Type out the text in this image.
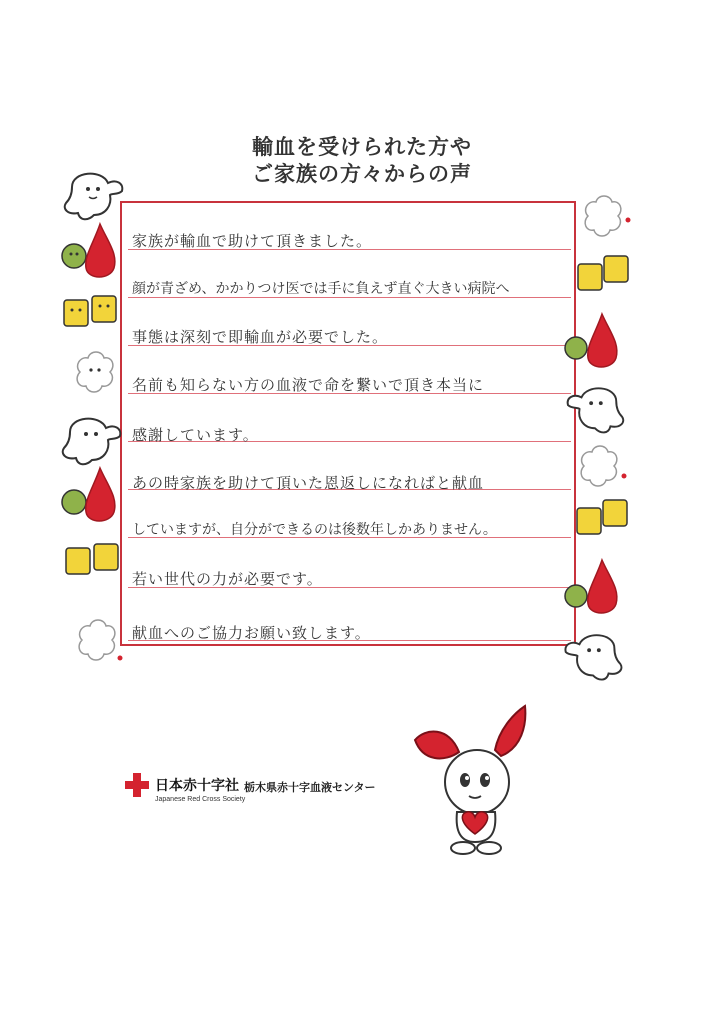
輸血を受けられた方や
ご家族の方々からの声
家族が輸血で助けて頂きました。
顔が青ざめ、かかりつけ医では手に負えず直ぐ大きい病院へ
事態は深刻で即輸血が必要でした。
名前も知らない方の血液で命を繋いで頂き本当に
感謝しています。
あの時家族を助けて頂いた恩返しになればと献血
していますが、自分ができるのは後数年しかありません。
若い世代の力が必要です。
献血へのご協力お願い致します。
日本赤十字社
Japanese Red Cross Society
栃木県赤十字血液センター
